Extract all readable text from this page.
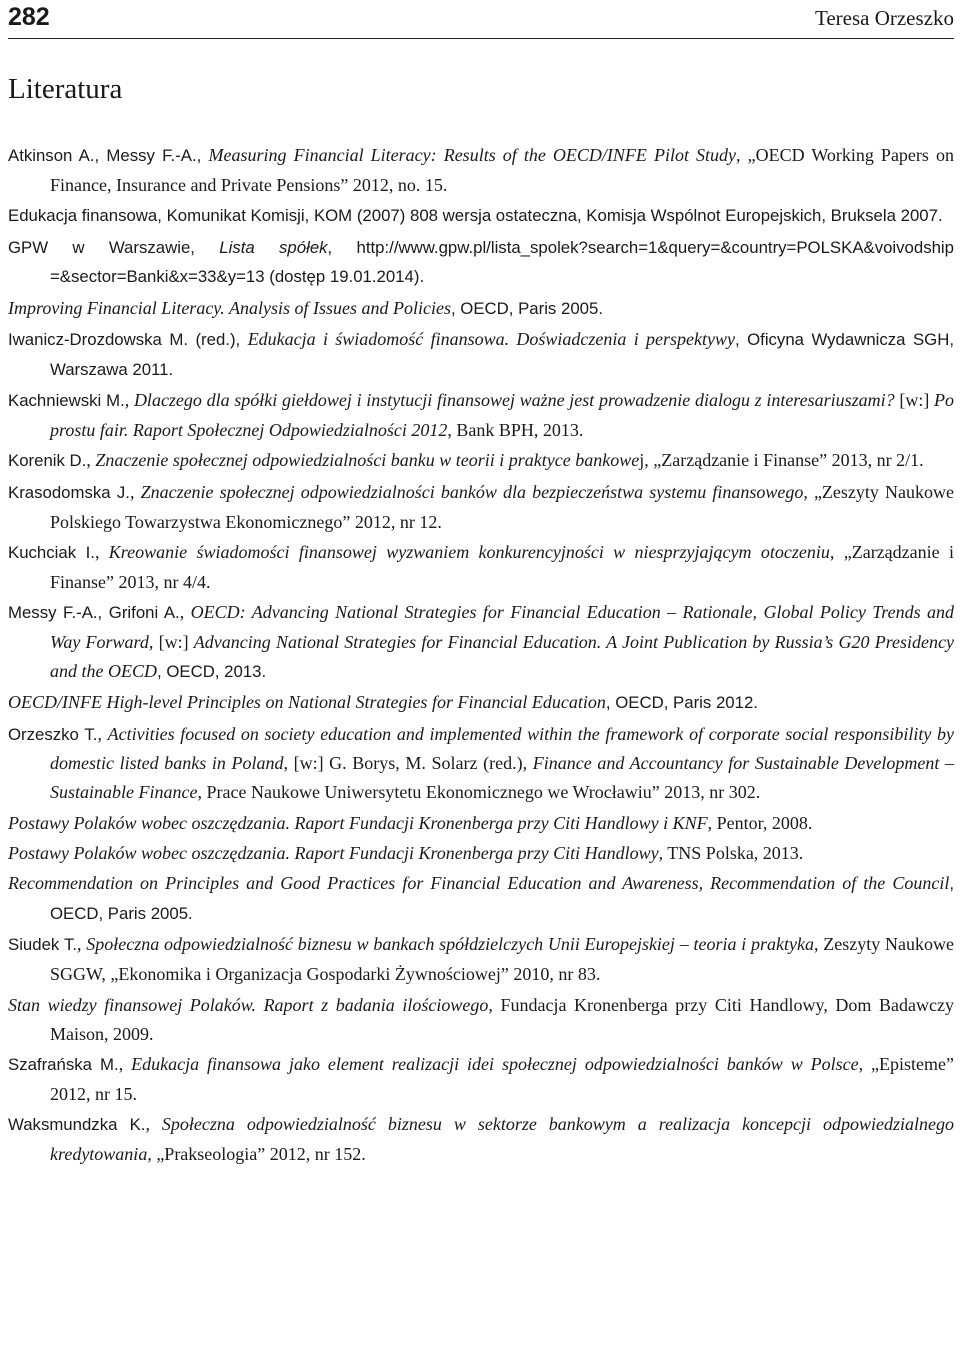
282	Teresa Orzeszko
Literatura
Atkinson A., Messy F.-A., Measuring Financial Literacy: Results of the OECD/INFE Pilot Study, „OECD Working Papers on Finance, Insurance and Private Pensions” 2012, no. 15.
Edukacja finansowa, Komunikat Komisji, KOM (2007) 808 wersja ostateczna, Komisja Wspólnot Europejskich, Bruksela 2007.
GPW w Warszawie, Lista spółek, http://www.gpw.pl/lista_spolek?search=1&query=&country=POLSKA&voivodship =&sector=Banki&x=33&y=13 (dostęp 19.01.2014).
Improving Financial Literacy. Analysis of Issues and Policies, OECD, Paris 2005.
Iwanicz-Drozdowska M. (red.), Edukacja i świadomość finansowa. Doświadczenia i perspektywy, Oficyna Wydawnicza SGH, Warszawa 2011.
Kachniewski M., Dlaczego dla spółki giełdowej i instytucji finansowej ważne jest prowadzenie dialogu z interesariuszami? [w:] Po prostu fair. Raport Społecznej Odpowiedzialności 2012, Bank BPH, 2013.
Korenik D., Znaczenie społecznej odpowiedzialności banku w teorii i praktyce bankowej, „Zarządzanie i Finanse” 2013, nr 2/1.
Krasodomska J., Znaczenie społecznej odpowiedzialności banków dla bezpieczeństwa systemu finansowego, „Zeszyty Naukowe Polskiego Towarzystwa Ekonomicznego” 2012, nr 12.
Kuchciak I., Kreowanie świadomości finansowej wyzwaniem konkurencyjności w niesprzyjającym otoczeniu, „Zarządzanie i Finanse” 2013, nr 4/4.
Messy F.-A., Grifoni A., OECD: Advancing National Strategies for Financial Education – Rationale, Global Policy Trends and Way Forward, [w:] Advancing National Strategies for Financial Education. A Joint Publication by Russia’s G20 Presidency and the OECD, OECD, 2013.
OECD/INFE High-level Principles on National Strategies for Financial Education, OECD, Paris 2012.
Orzeszko T., Activities focused on society education and implemented within the framework of corporate social responsibility by domestic listed banks in Poland, [w:] G. Borys, M. Solarz (red.), Finance and Accountancy for Sustainable Development – Sustainable Finance, Prace Naukowe Uniwersytetu Ekonomicznego we Wrocławiu” 2013, nr 302.
Postawy Polaków wobec oszczędzania. Raport Fundacji Kronenberga przy Citi Handlowy i KNF, Pentor, 2008.
Postawy Polaków wobec oszczędzania. Raport Fundacji Kronenberga przy Citi Handlowy, TNS Polska, 2013.
Recommendation on Principles and Good Practices for Financial Education and Awareness, Recommendation of the Council, OECD, Paris 2005.
Siudek T., Społeczna odpowiedzialność biznesu w bankach spółdzielczych Unii Europejskiej – teoria i praktyka, Zeszyty Naukowe SGGW, „Ekonomika i Organizacja Gospodarki Żywnościowej” 2010, nr 83.
Stan wiedzy finansowej Polaków. Raport z badania ilościowego, Fundacja Kronenberga przy Citi Handlowy, Dom Badawczy Maison, 2009.
Szafrańska M., Edukacja finansowa jako element realizacji idei społecznej odpowiedzialności banków w Polsce, „Episteme” 2012, nr 15.
Waksmundzka K., Społeczna odpowiedzialność biznesu w sektorze bankowym a realizacja koncepcji odpowiedzialnego kredytowania, „Prakseologia” 2012, nr 152.
